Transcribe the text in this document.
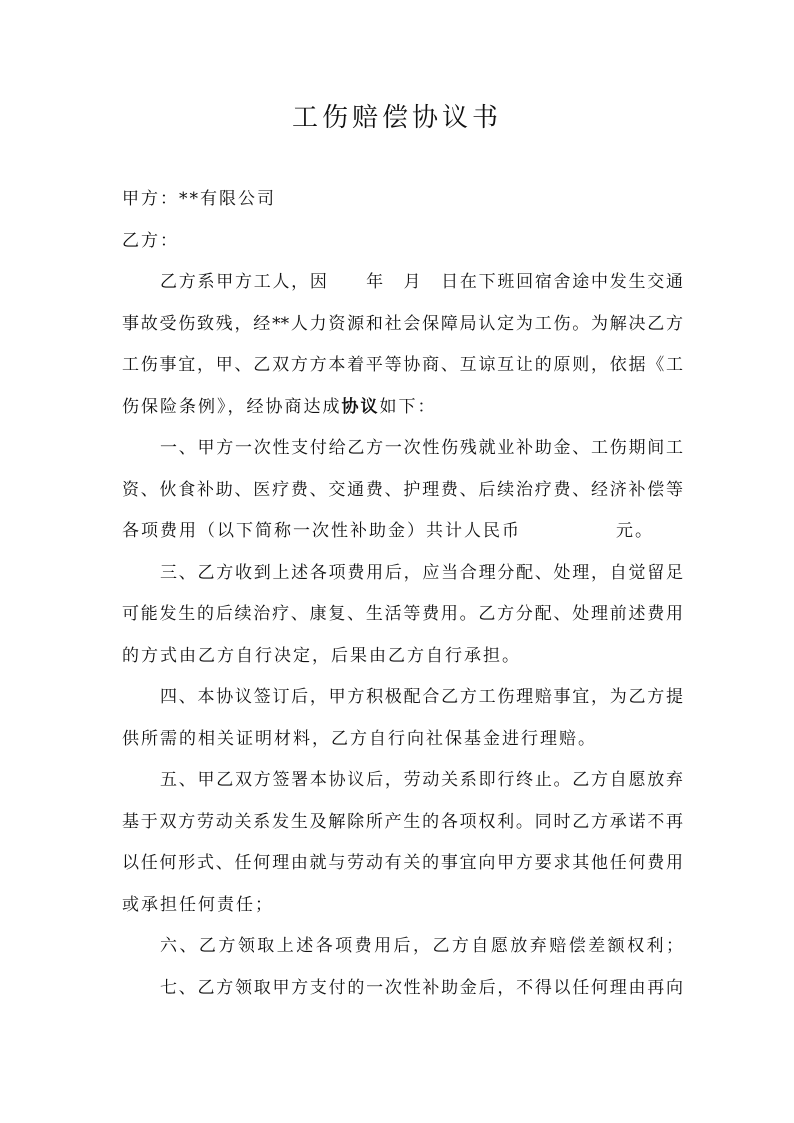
工伤赔偿协议书
甲方：**有限公司
乙方：
乙方系甲方工人，因　　年　月　日在下班回宿舍途中发生交通
事故受伤致残，经**人力资源和社会保障局认定为工伤。为解决乙方
工伤事宜，甲、乙双方方本着平等协商、互谅互让的原则，依据《工
伤保险条例》，经协商达成协议如下：
一、甲方一次性支付给乙方一次性伤残就业补助金、工伤期间工
资、伙食补助、医疗费、交通费、护理费、后续治疗费、经济补偿等
各项费用（以下简称一次性补助金）共计人民币	元。
三、乙方收到上述各项费用后，应当合理分配、处理，自觉留足
可能发生的后续治疗、康复、生活等费用。乙方分配、处理前述费用
的方式由乙方自行决定，后果由乙方自行承担。
四、本协议签订后，甲方积极配合乙方工伤理赔事宜，为乙方提
供所需的相关证明材料，乙方自行向社保基金进行理赔。
五、甲乙双方签署本协议后，劳动关系即行终止。乙方自愿放弃
基于双方劳动关系发生及解除所产生的各项权利。同时乙方承诺不再
以任何形式、任何理由就与劳动有关的事宜向甲方要求其他任何费用
或承担任何责任；
六、乙方领取上述各项费用后，乙方自愿放弃赔偿差额权利；
七、乙方领取甲方支付的一次性补助金后，不得以任何理由再向
